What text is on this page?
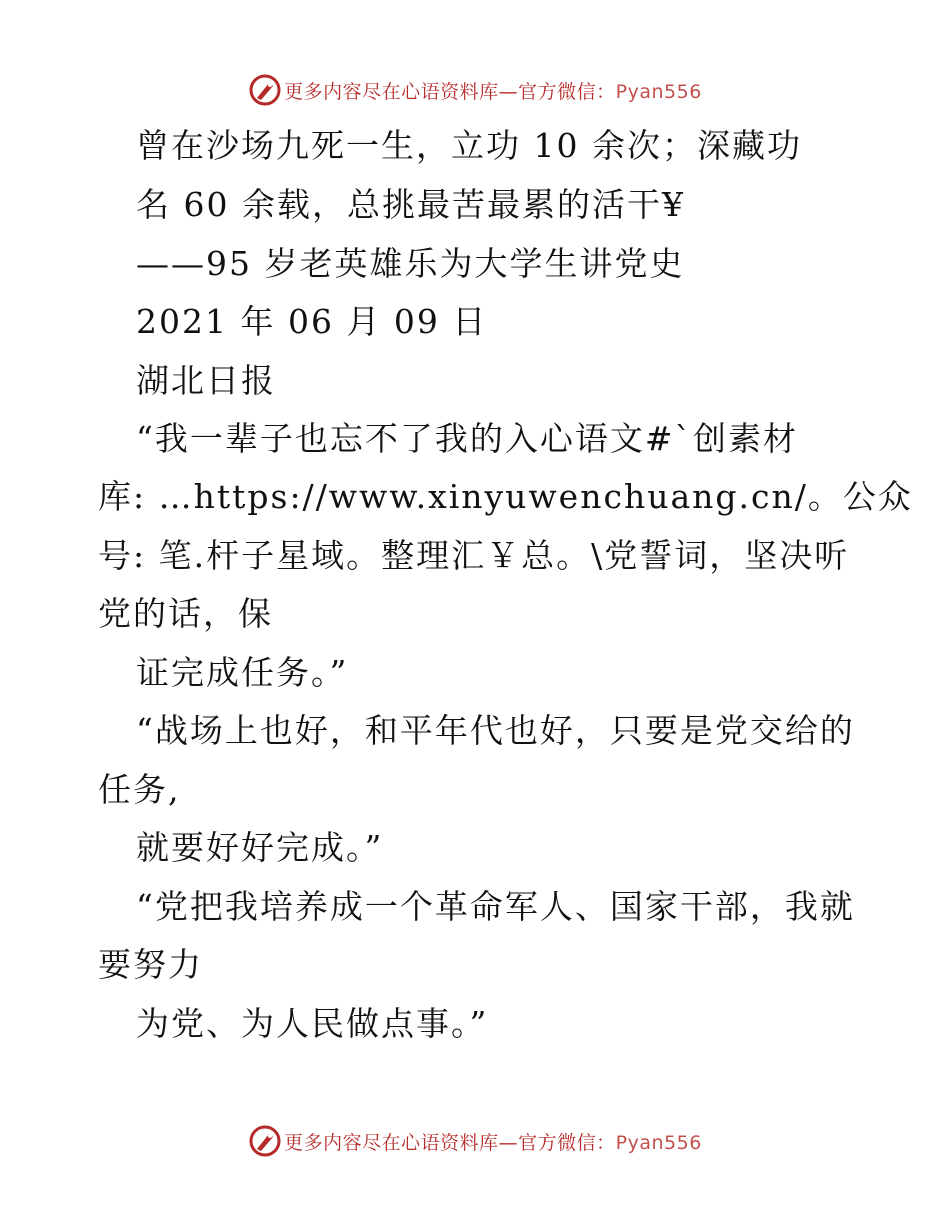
更多内容尽在心语资料库—官方微信：Pyan556
曾在沙场九死一生，立功 10 余次；深藏功
名 60 余载，总挑最苦最累的活干¥
——95 岁老英雄乐为大学生讲党史
2021 年 06 月 09 日
湖北日报
“我一辈子也忘不了我的入心语文#`创素材
库: …https://www.xinyuwenchuang.cn/。公众
号: 笔.杆子星域。整理汇￥总。\党誓词，坚决听
党的话，保
证完成任务。”
“战场上也好，和平年代也好，只要是党交给的
任务,
就要好好完成。”
“党把我培养成一个革命军人、国家干部，我就
要努力
为党、为人民做点事。”
更多内容尽在心语资料库—官方微信：Pyan556
